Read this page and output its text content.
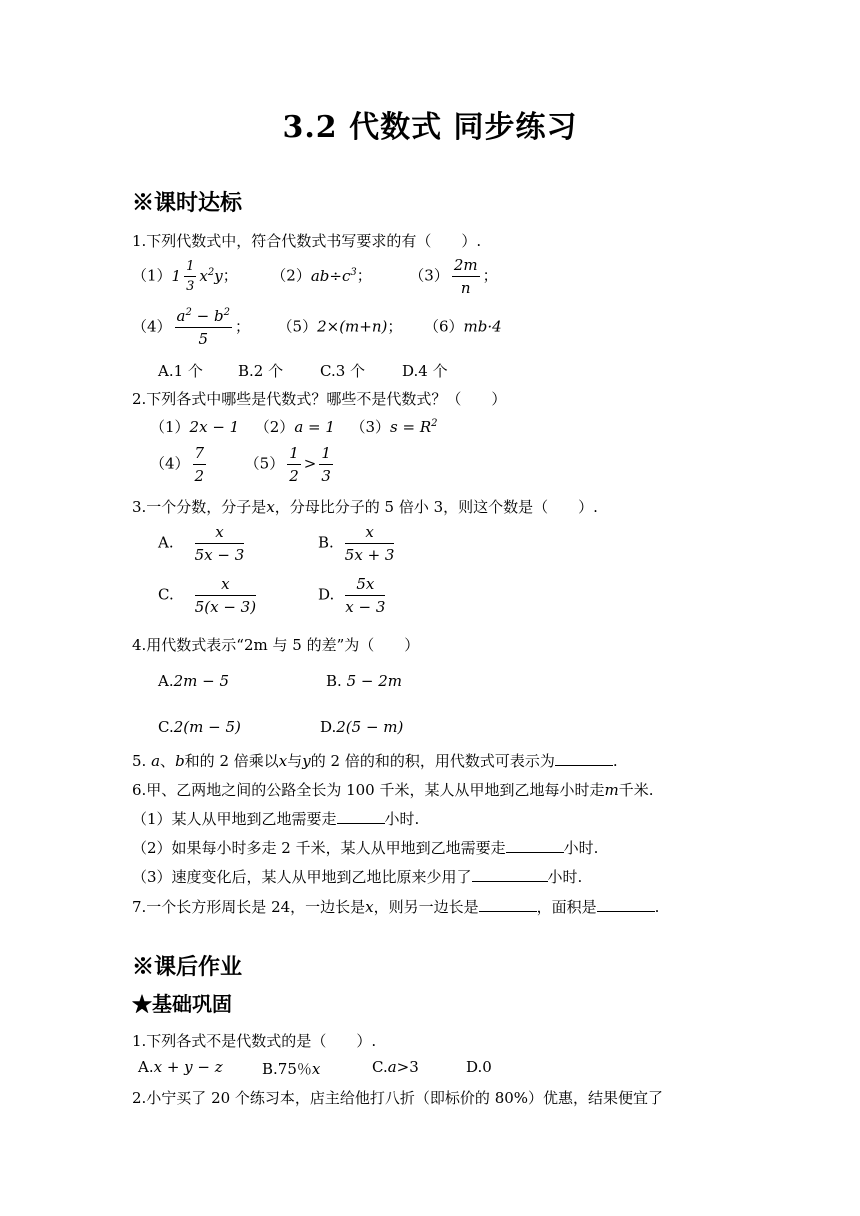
3.2 代数式 同步练习
※课时达标
1.下列代数式中，符合代数式书写要求的有（　　）.
$(1)1 \frac{1}{3} x^2y$； $(2)ab\div c^3$；	$(3) \frac{2m}{n}$ ；
$(4) \frac{a^2 - b^2}{5}$ ； （5）2×(m+n)； （6）mb·4
A.1 个 B.2 个 C.3 个 D.4 个
2.下列各式中哪些是代数式？哪些不是代数式？（　　）
（1）2x − 1 （2）a = 1 $(3)s = R^2$
$(4) \frac{7}{2}$	$(5) \frac{1}{2} > \frac{1}{3}$
3.一个分数，分子是x，分母比分子的 5 倍小 3，则这个数是（　　）.
A. $\frac{x}{5x - 3}$	B. $\frac{x}{5x + 3}$
C. $\frac{x}{5(x - 3)}$	D. $\frac{5x}{x - 3}$
4.用代数式表示“2m 与 5 的差”为（　　）
A.2m − 5	B. 5 − 2m
C.2(m − 5)	D.2(5 − m)
5. a、b和的 2 倍乘以x与y的 2 倍的和的积，用代数式可表示为	.
6.甲、乙两地之间的公路全长为 100 千米，某人从甲地到乙地每小时走m千米.
（1）某人从甲地到乙地需要走	小时.
（2）如果每小时多走 2 千米，某人从甲地到乙地需要走	小时.
（3）速度变化后，某人从甲地到乙地比原来少用了	小时.
7.一个长方形周长是 24，一边长是x，则另一边长是	，面积是	.
※课后作业
★基础巩固
1.下列各式不是代数式的是（　　）.
A.x + y − z	B.75％x	C.a>3	D.0
2.小宁买了 20 个练习本，店主给他打八折（即标价的 80%）优惠，结果便宜了
